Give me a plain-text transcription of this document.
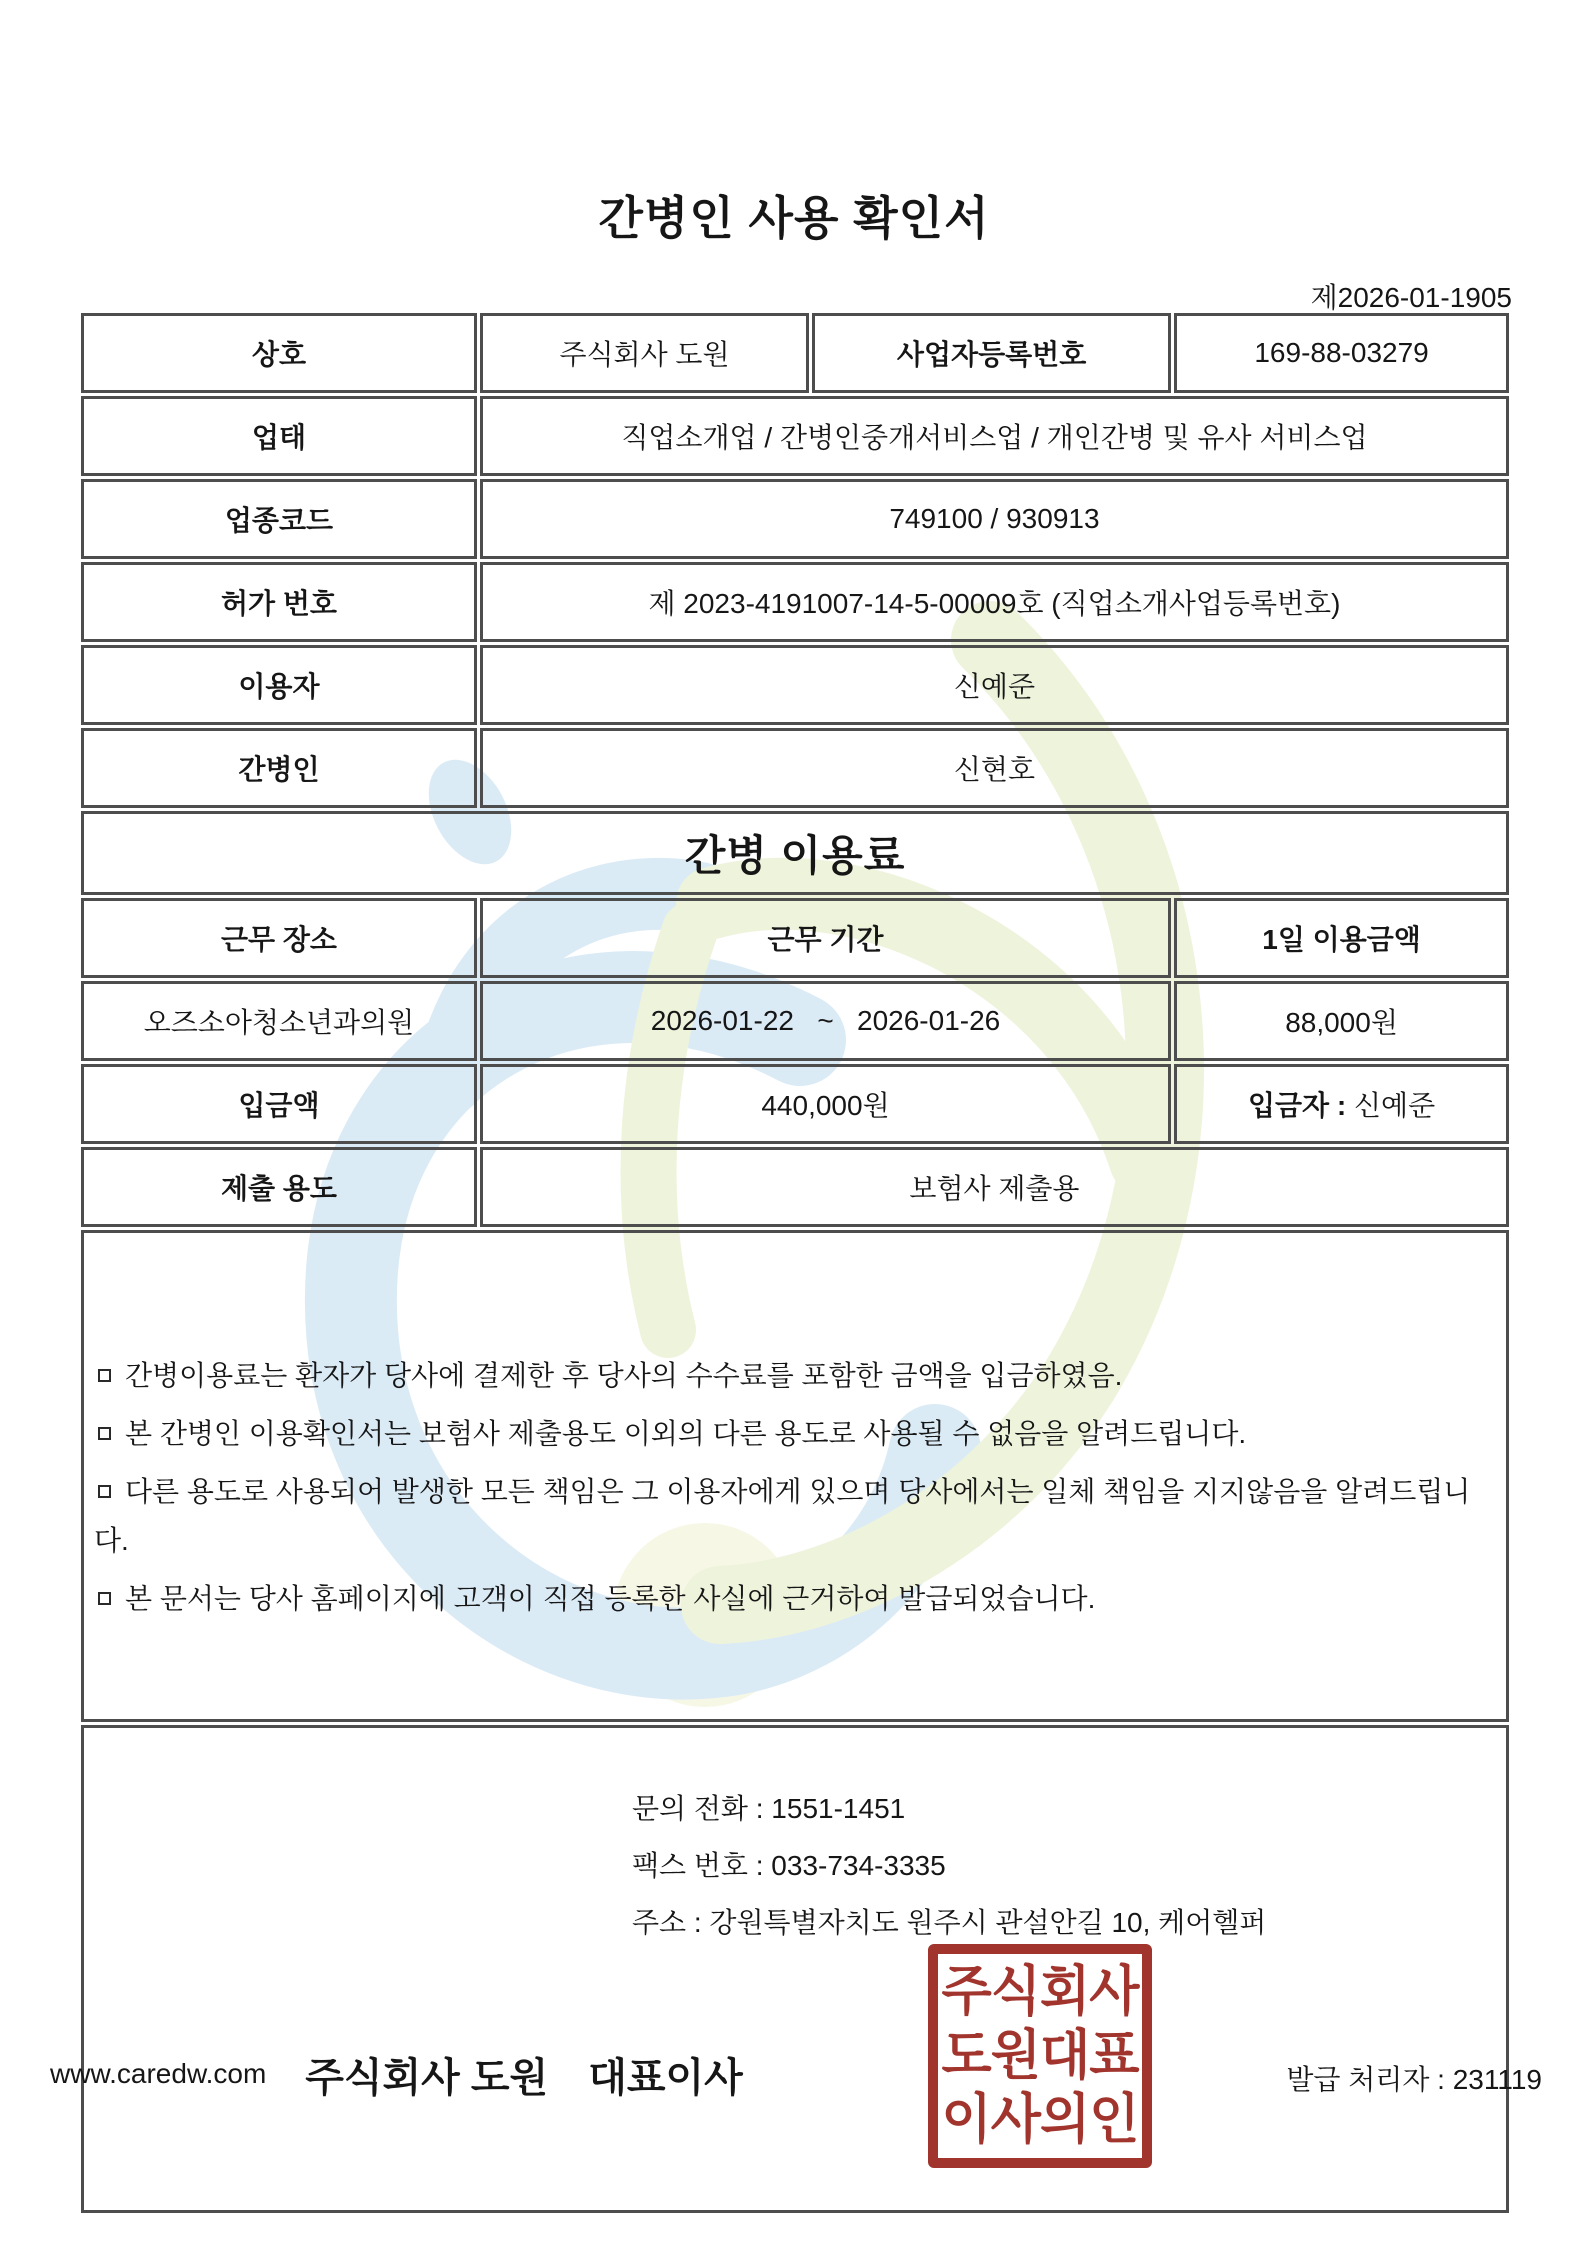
간병인 사용 확인서
제2026-01-1905
상호	주식회사 도원	사업자등록번호	169-88-03279
업태	직업소개업 / 간병인중개서비스업 / 개인간병 및 유사 서비스업		
업종코드	749100 / 930913		
허가 번호	제 2023-4191007-14-5-00009호 (직업소개사업등록번호)		
이용자	신예준		
간병인	신현호		
간병 이용료			
근무 장소	근무 기간		1일 이용금액
오즈소아청소년과의원	2026-01-22   ~   2026-01-26		88,000원
입금액	440,000원		입금자 : 신예준
제출 용도	보험사 제출용		

간병이용료는 환자가 당사에 결제한 후 당사의 수수료를 포함한 금액을 입금하였음.

본 간병인 이용확인서는 보험사 제출용도 이외의 다른 용도로 사용될 수 없음을 알려드립니다.

다른 용도로 사용되어 발생한 모든 책임은 그 이용자에게 있으며 당사에서는 일체 책임을 지지않음을 알려드립니다.

본 문서는 당사 홈페이지에 고객이 직접 등록한 사실에 근거하여 발급되었습니다.			

문의 전화 : 1551-1451
팩스 번호 : 033-734-3335
주소 : 강원특별자치도 원주시 관설안길 10, 케어헬퍼
주식회사 도원 대표이사
주식회사
도원대표
이사의인
www.caredw.com	발급 처리자 : 231119
